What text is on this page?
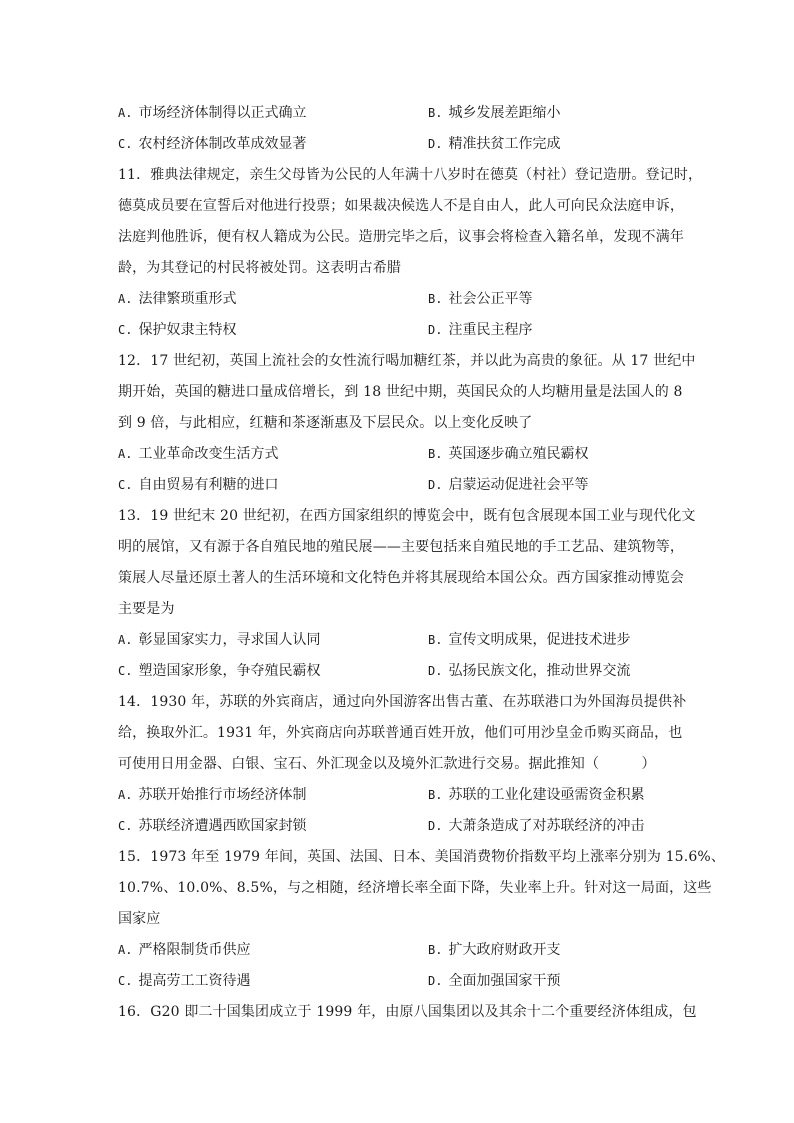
A. 市场经济体制得以正式确立	B. 城乡发展差距缩小
C. 农村经济体制改革成效显著	D. 精准扶贫工作完成
11．雅典法律规定，亲生父母皆为公民的人年满十八岁时在德莫（村社）登记造册。登记时，
德莫成员要在宣誓后对他进行投票；如果裁决候选人不是自由人，此人可向民众法庭申诉，
法庭判他胜诉，便有权人籍成为公民。造册完毕之后，议事会将检查入籍名单，发现不满年
龄，为其登记的村民将被处罚。这表明古希腊
A. 法律繁琐重形式	B. 社会公正平等
C. 保护奴隶主特权	D. 注重民主程序
12．17 世纪初，英国上流社会的女性流行喝加糖红茶，并以此为高贵的象征。从 17 世纪中
期开始，英国的糖进口量成倍增长，到 18 世纪中期，英国民众的人均糖用量是法国人的 8
到 9 倍，与此相应，红糖和茶逐渐惠及下层民众。以上变化反映了
A. 工业革命改变生活方式	B. 英国逐步确立殖民霸权
C. 自由贸易有利糖的进口	D. 启蒙运动促进社会平等
13．19 世纪末 20 世纪初，在西方国家组织的博览会中，既有包含展现本国工业与现代化文
明的展馆，又有源于各自殖民地的殖民展——主要包括来自殖民地的手工艺品、建筑物等，
策展人尽量还原土著人的生活环境和文化特色并将其展现给本国公众。西方国家推动博览会
主要是为
A. 彰显国家实力，寻求国人认同	B. 宣传文明成果，促进技术进步
C. 塑造国家形象，争夺殖民霸权	D. 弘扬民族文化，推动世界交流
14．1930 年，苏联的外宾商店，通过向外国游客出售古董、在苏联港口为外国海员提供补
给，换取外汇。1931 年，外宾商店向苏联普通百姓开放，他们可用沙皇金币购买商品，也
可使用日用金器、白银、宝石、外汇现金以及境外汇款进行交易。据此推知（　　　）
A. 苏联开始推行市场经济体制	B. 苏联的工业化建设亟需资金积累
C. 苏联经济遭遇西欧国家封锁	D. 大萧条造成了对苏联经济的冲击
15．1973 年至 1979 年间，英国、法国、日本、美国消费物价指数平均上涨率分别为 15.6%、
10.7%、10.0%、8.5%，与之相随，经济增长率全面下降，失业率上升。针对这一局面，这些
国家应
A. 严格限制货币供应	B. 扩大政府财政开支
C. 提高劳工工资待遇	D. 全面加强国家干预
16．G20 即二十国集团成立于 1999 年，由原八国集团以及其余十二个重要经济体组成，包
